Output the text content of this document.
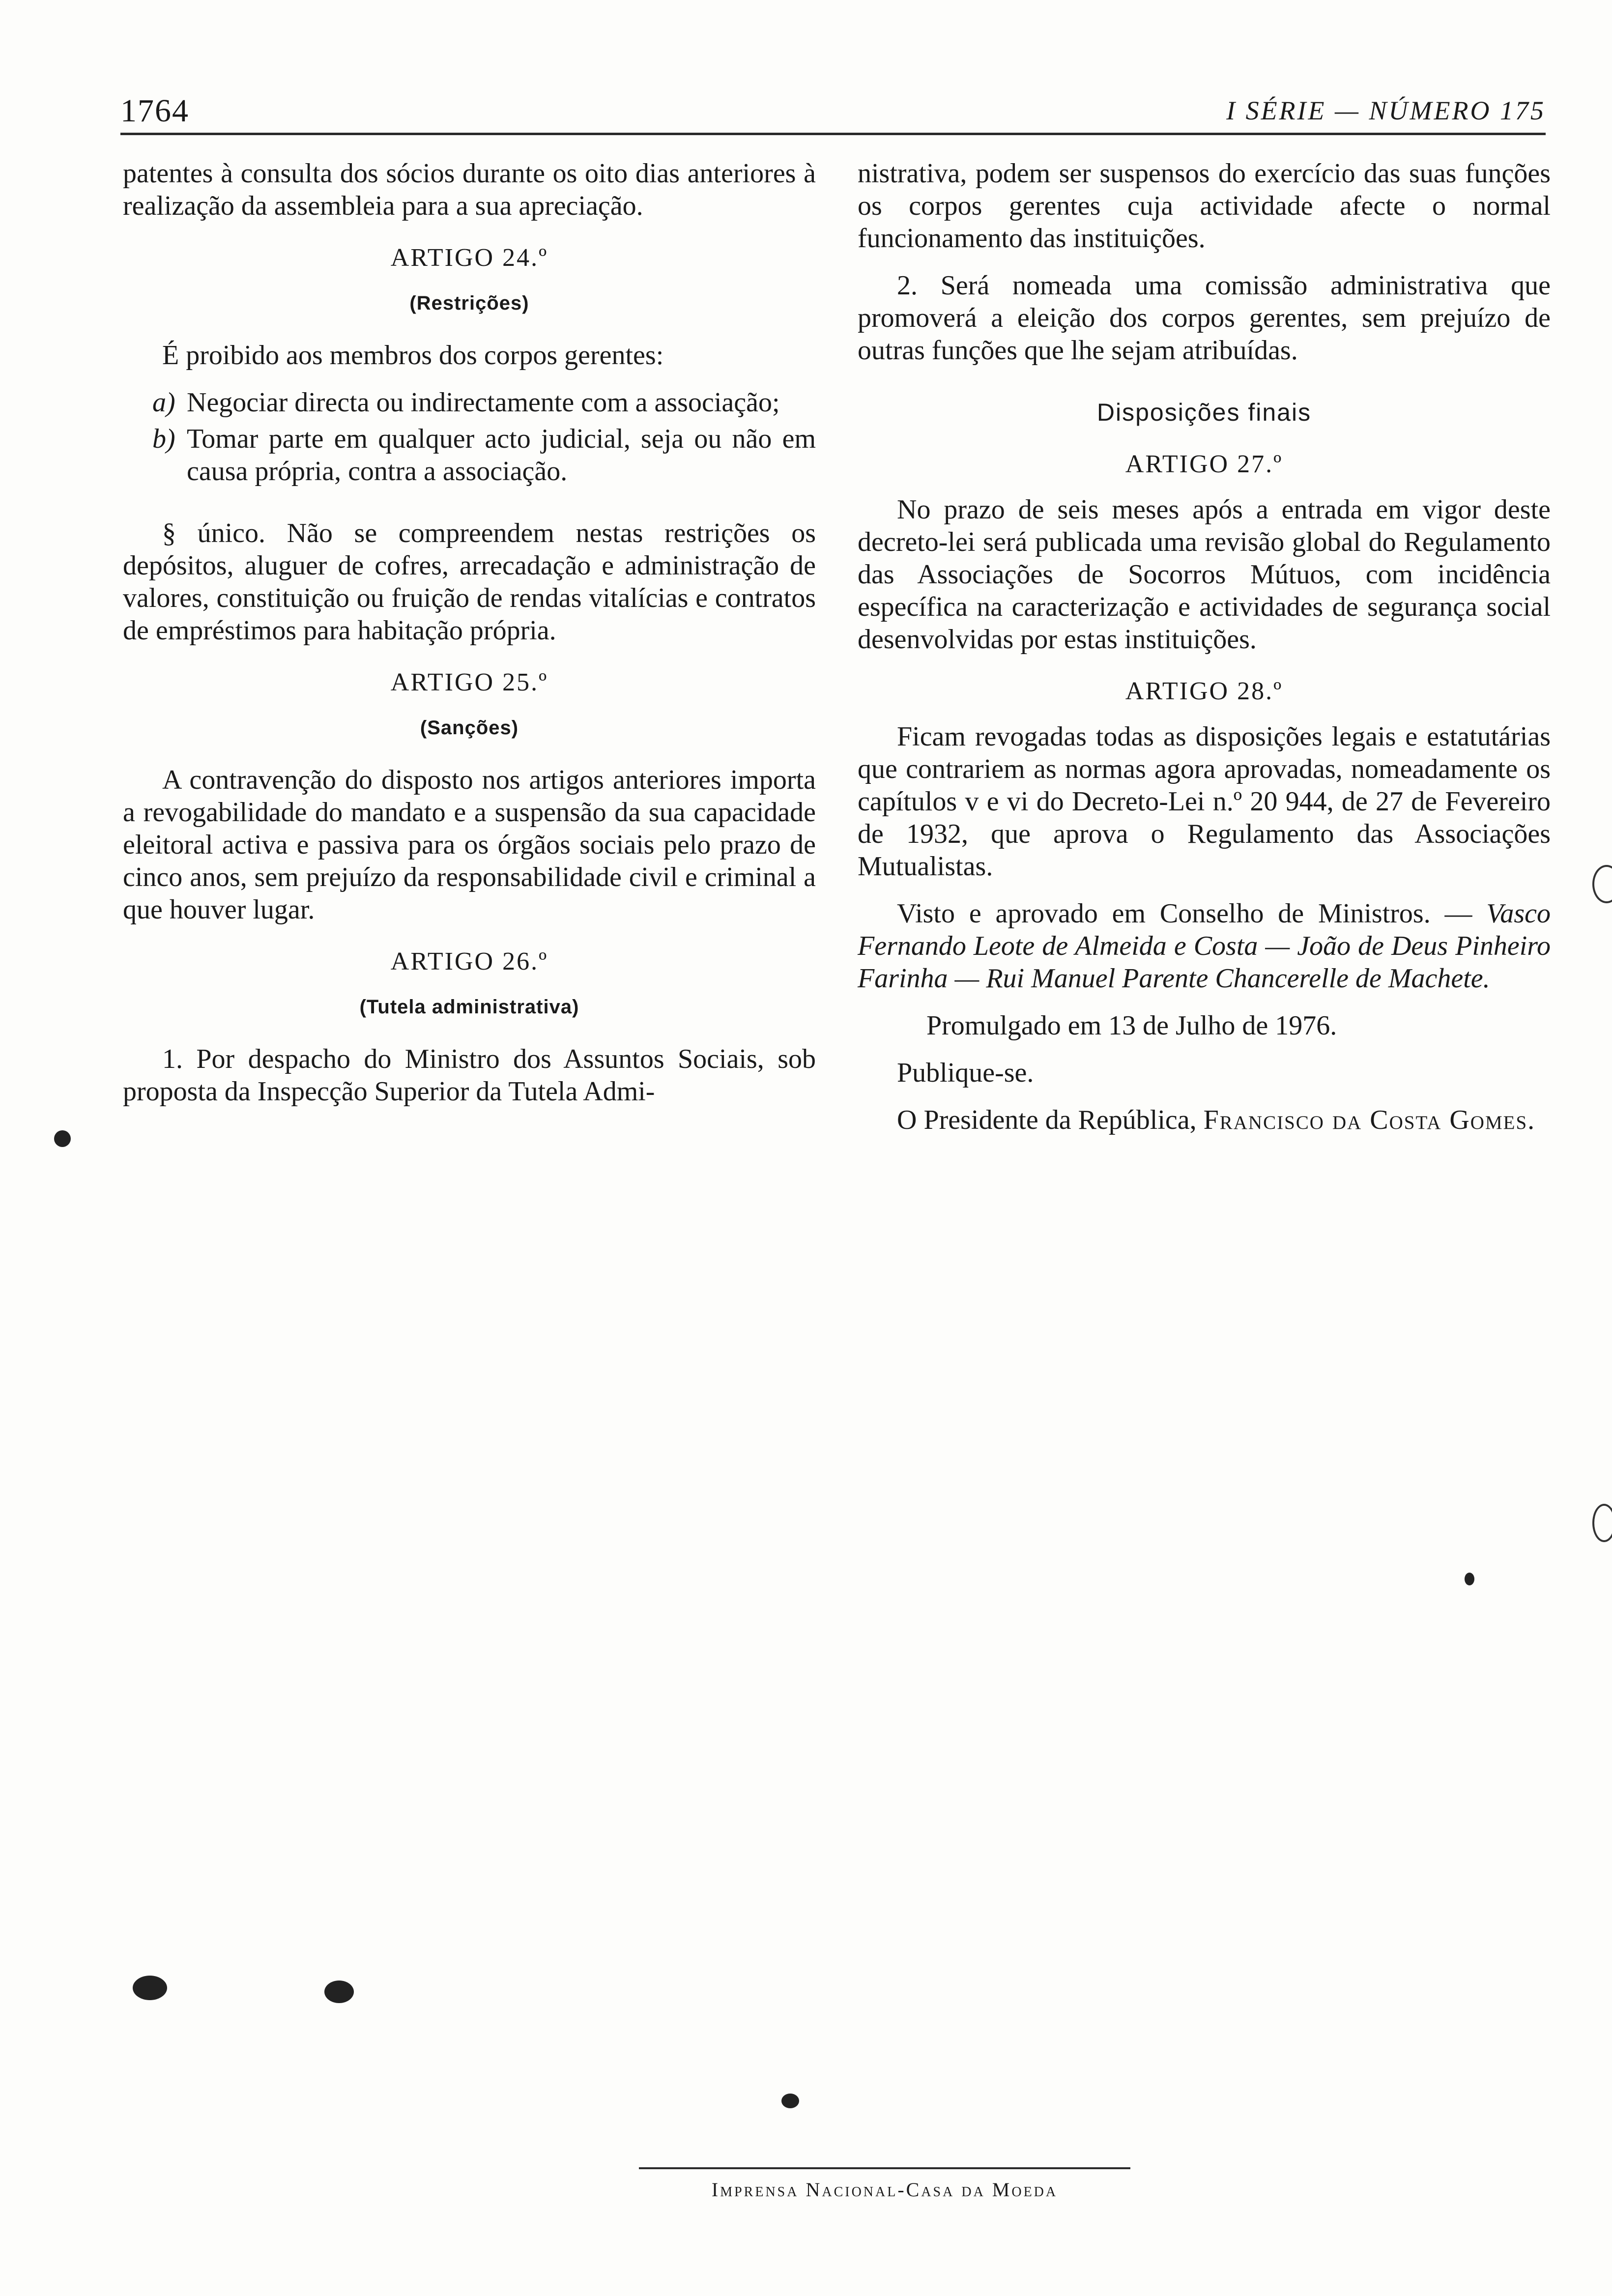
1764	I SÉRIE — NÚMERO 175

patentes à consulta dos sócios durante os oito dias anteriores à realização da assembleia para a sua apreciação.

ARTIGO 24.º
(Restrições)

É proibido aos membros dos corpos gerentes:

a) Negociar directa ou indirectamente com a associação;
b) Tomar parte em qualquer acto judicial, seja ou não em causa própria, contra a associação.

§ único. Não se compreendem nestas restrições os depósitos, aluguer de cofres, arrecadação e administração de valores, constituição ou fruição de rendas vitalícias e contratos de empréstimos para habitação própria.

ARTIGO 25.º
(Sanções)

A contravenção do disposto nos artigos anteriores importa a revogabilidade do mandato e a suspensão da sua capacidade eleitoral activa e passiva para os órgãos sociais pelo prazo de cinco anos, sem prejuízo da responsabilidade civil e criminal a que houver lugar.

ARTIGO 26.º
(Tutela administrativa)

1. Por despacho do Ministro dos Assuntos Sociais, sob proposta da Inspecção Superior da Tutela Admi-

nistrativa, podem ser suspensos do exercício das suas funções os corpos gerentes cuja actividade afecte o normal funcionamento das instituições.

2. Será nomeada uma comissão administrativa que promoverá a eleição dos corpos gerentes, sem prejuízo de outras funções que lhe sejam atribuídas.

Disposições finais
ARTIGO 27.º

No prazo de seis meses após a entrada em vigor deste decreto-lei será publicada uma revisão global do Regulamento das Associações de Socorros Mútuos, com incidência específica na caracterização e actividades de segurança social desenvolvidas por estas instituições.

ARTIGO 28.º

Ficam revogadas todas as disposições legais e estatutárias que contrariem as normas agora aprovadas, nomeadamente os capítulos v e vi do Decreto-Lei n.º 20 944, de 27 de Fevereiro de 1932, que aprova o Regulamento das Associações Mutualistas.

Visto e aprovado em Conselho de Ministros. — Vasco Fernando Leote de Almeida e Costa — João de Deus Pinheiro Farinha — Rui Manuel Parente Chancerelle de Machete.

Promulgado em 13 de Julho de 1976.

Publique-se.

O Presidente da República, Francisco da Costa Gomes.

Imprensa Nacional-Casa da Moeda
